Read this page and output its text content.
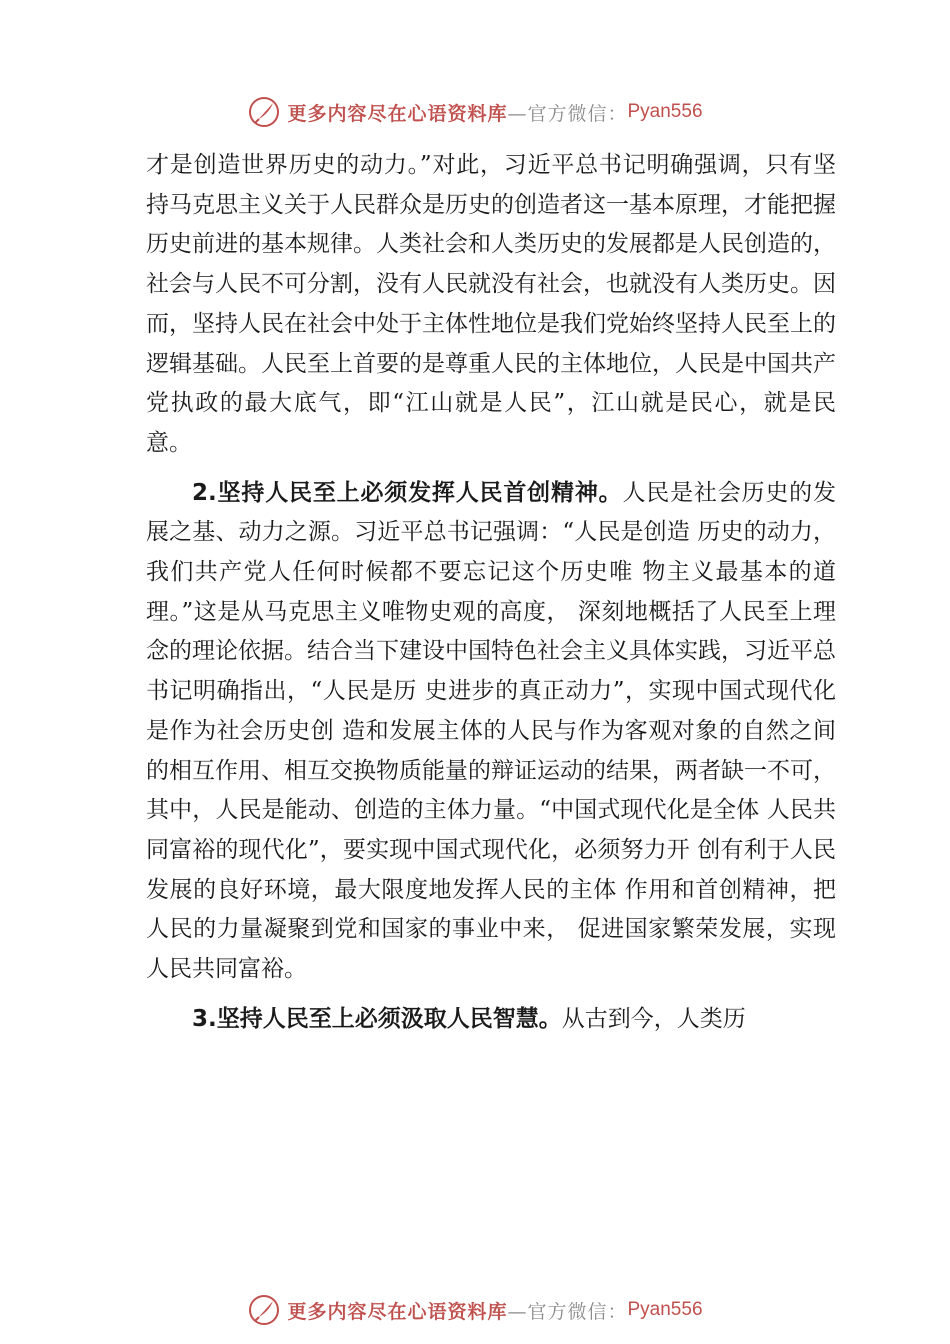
更多内容尽在心语资料库 —官方微信： Pyan556

才是创造世界历史的动力。”对此，习近平总书记明确强调，只有坚持马克思主义关于人民群众是历史的创造者这一基本原理，才能把握历史前进的基本规律。人类社会和人类历史的发展都是人民创造的，社会与人民不可分割，没有人民就没有社会，也就没有人类历史。因而，坚持人民在社会中处于主体性地位是我们党始终坚持人民至上的逻辑基础。人民至上首要的是尊重人民的主体地位，人民是中国共产党执政的最大底气，即“江山就是人民”，江山就是民心，就是民意。

2.坚持人民至上必须发挥人民首创精神。人民是社会历史的发展之基、动力之源。习近平总书记强调：“人民是创造 历史的动力，我们共产党人任何时候都不要忘记这个历史唯 物主义最基本的道理。”这是从马克思主义唯物史观的高度， 深刻地概括了人民至上理念的理论依据。结合当下建设中国特色社会主义具体实践，习近平总书记明确指出，“人民是历 史进步的真正动力”，实现中国式现代化是作为社会历史创 造和发展主体的人民与作为客观对象的自然之间的相互作用、相互交换物质能量的辩证运动的结果，两者缺一不可， 其中，人民是能动、创造的主体力量。“中国式现代化是全体 人民共同富裕的现代化”，要实现中国式现代化，必须努力开 创有利于人民发展的良好环境，最大限度地发挥人民的主体 作用和首创精神，把人民的力量凝聚到党和国家的事业中来， 促进国家繁荣发展，实现人民共同富裕。

3.坚持人民至上必须汲取人民智慧。从古到今，人类历

更多内容尽在心语资料库 —官方微信： Pyan556
